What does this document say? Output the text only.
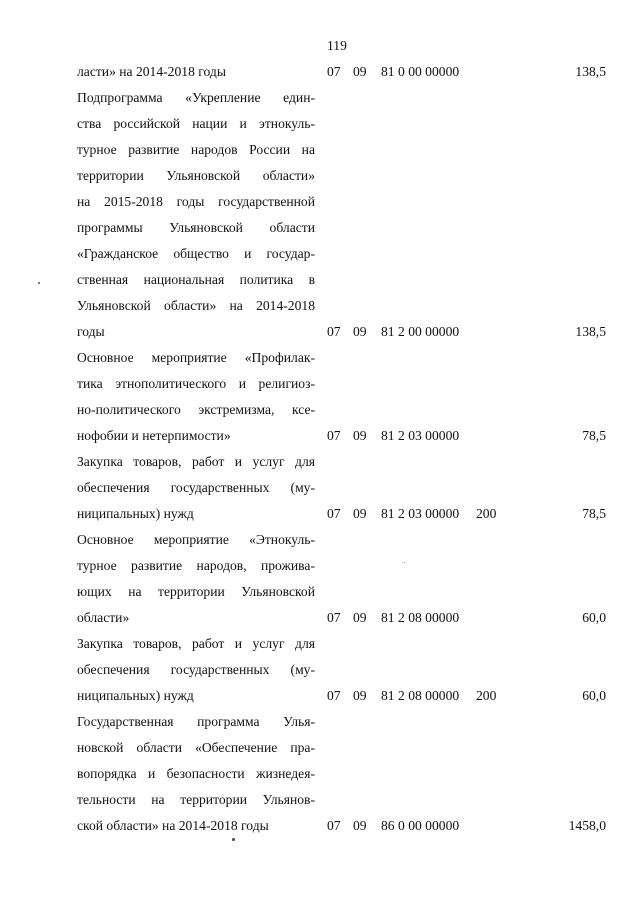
119
ласти» на 2014-2018 годы	07 09 81 0 00 00000	138,5
Подпрограмма «Укрепление един-
ства российской нации и этнокуль-
турное развитие народов России на
территории Ульяновской области»
на 2015-2018 годы государственной
программы Ульяновской области
«Гражданское общество и государ-
ственная национальная политика в
Ульяновской области» на 2014-2018
годы	07 09 81 2 00 00000	138,5
Основное мероприятие «Профилак-
тика этнополитического и религиоз-
но-политического экстремизма, ксе-
нофобии и нетерпимости»	07 09 81 2 03 00000	78,5
Закупка товаров, работ и услуг для
обеспечения государственных (му-
ниципальных) нужд	07 09 81 2 03 00000 200	78,5
Основное мероприятие «Этнокуль-
турное развитие народов, прожива-
ющих на территории Ульяновской
области»	07 09 81 2 08 00000	60,0
Закупка товаров, работ и услуг для
обеспечения государственных (му-
ниципальных) нужд	07 09 81 2 08 00000 200	60,0
Государственная программа Улья-
новской области «Обеспечение пра-
вопорядка и безопасности жизнедея-
тельности на территории Ульянов-
ской области» на 2014-2018 годы	07 09 86 0 00 00000	1458,0
